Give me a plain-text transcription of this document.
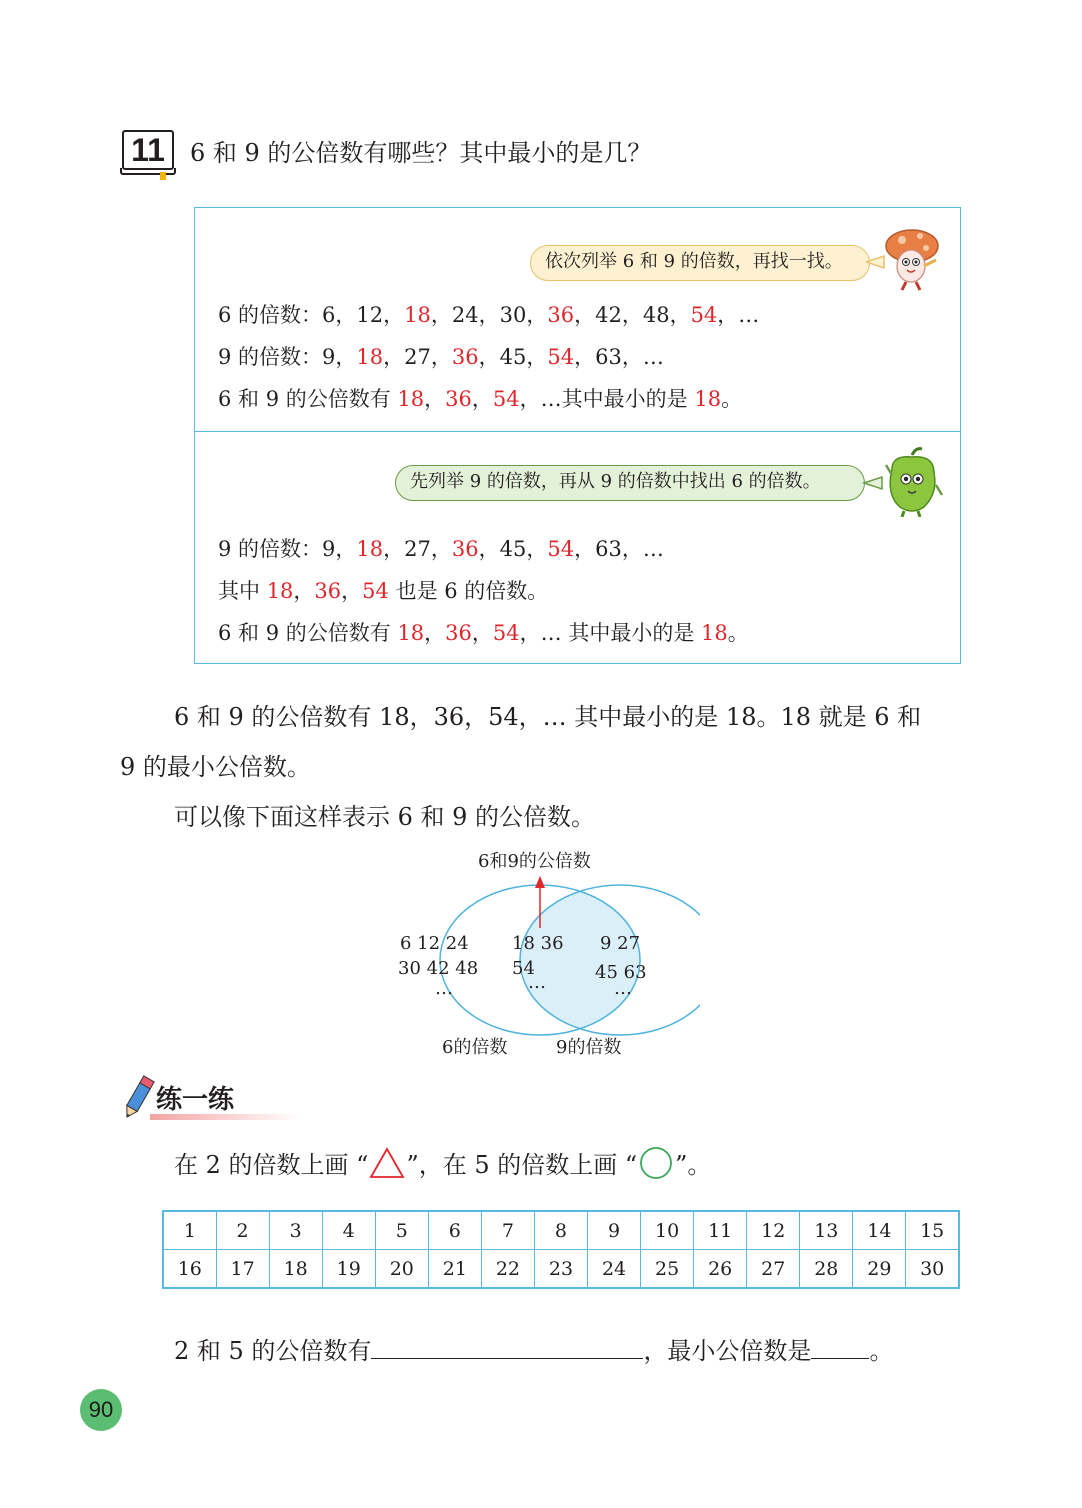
11	6 和 9 的公倍数有哪些？其中最小的是几？
依次列举 6 和 9 的倍数，再找一找。
6 的倍数：6，12，18，24，30，36，42，48，54，…
9 的倍数：9，18，27，36，45，54，63，…
6 和 9 的公倍数有 18，36，54，…其中最小的是 18。
先列举 9 的倍数，再从 9 的倍数中找出 6 的倍数。
9 的倍数：9，18，27，36，45，54，63，…
其中 18，36，54 也是 6 的倍数。
6 和 9 的公倍数有 18，36，54，… 其中最小的是 18。
6 和 9 的公倍数有 18，36，54，… 其中最小的是 18。18 就是 6 和
9 的最小公倍数。
可以像下面这样表示 6 和 9 的公倍数。
6和9的公倍数
6 12 24
30 42 48
…
18 36
54
…
9 27
45 63
…
6的倍数	9的倍数
练一练
在 2 的倍数上画 “ ”，在 5 的倍数上画 “ ”。
1	2	3	4	5	6	7	8	9	10	11	12	13	14	15
16	17	18	19	20	21	22	23	24	25	26	27	28	29	30
2 和 5 的公倍数有	，最小公倍数是 。
90
